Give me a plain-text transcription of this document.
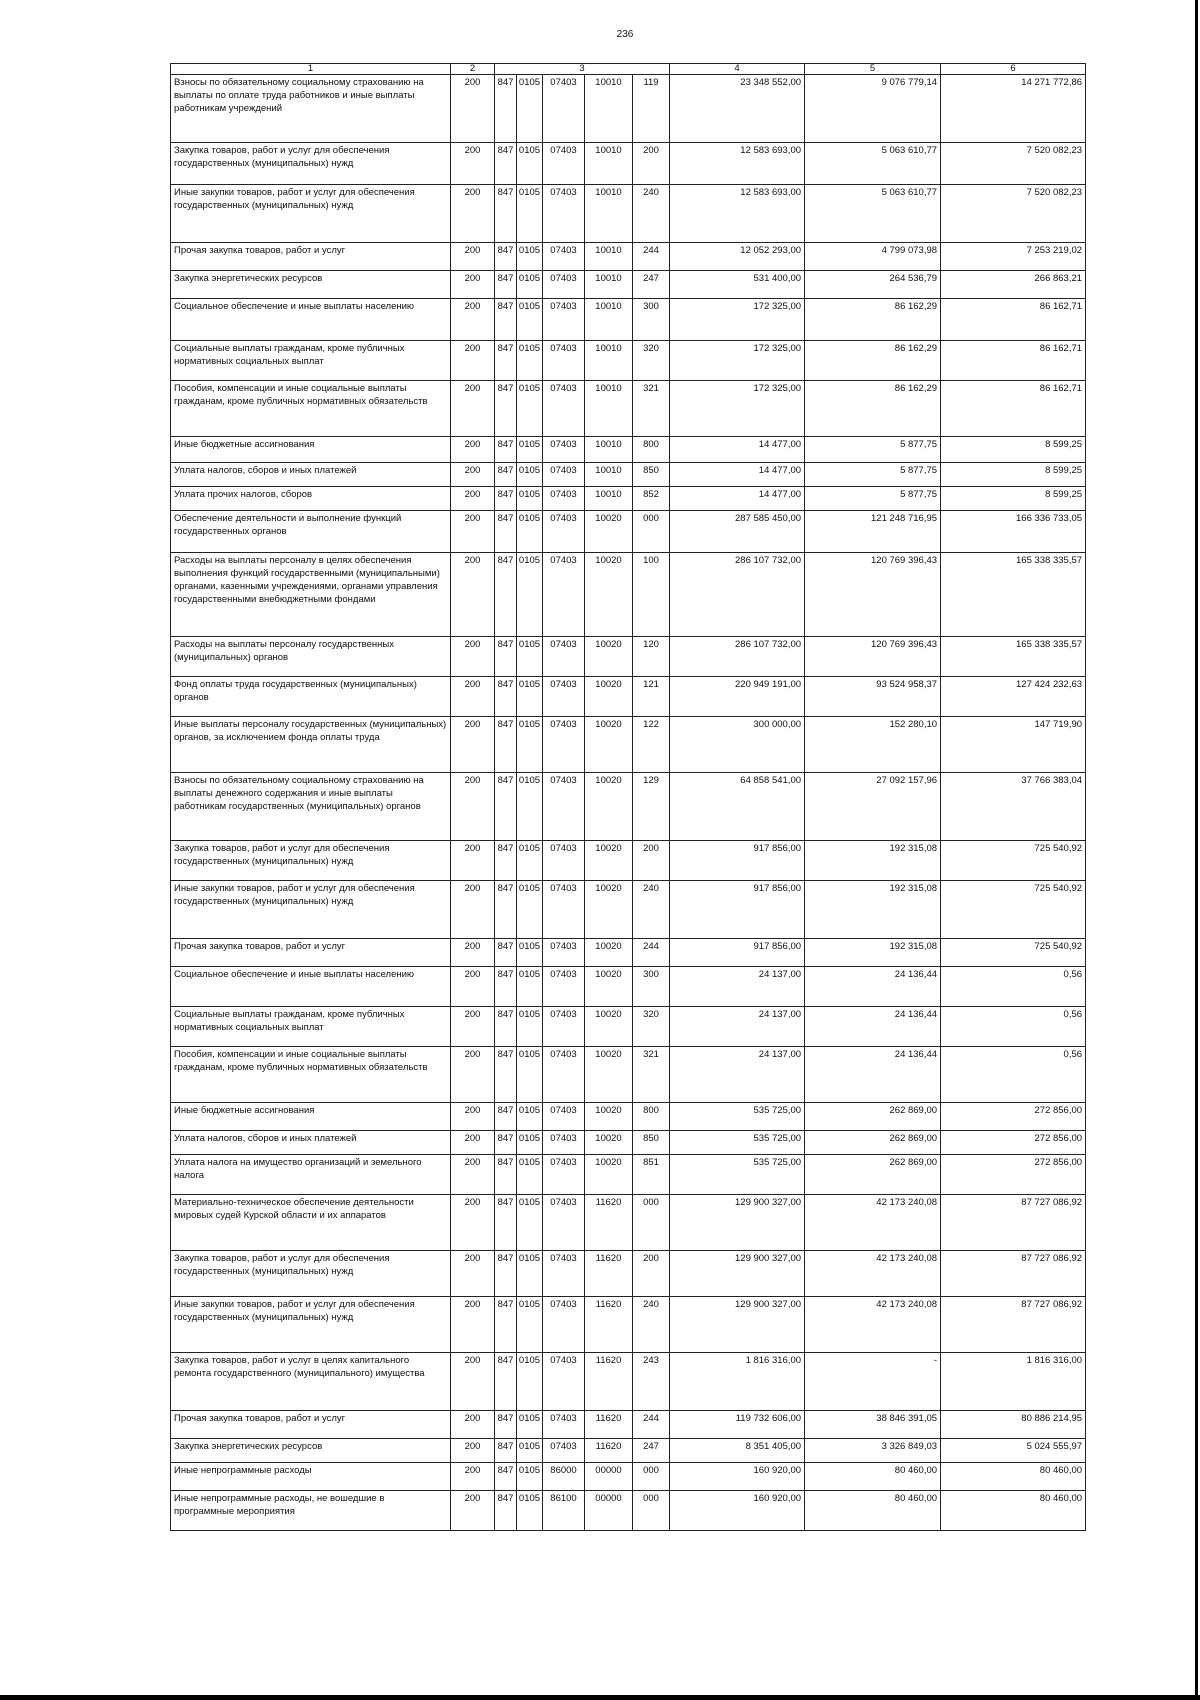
236
1	2	3					4	5	6
Взносы по обязательному социальному страхованию на выплаты по оплате труда работников и иные выплаты работникам учреждений	200	847	0105	07403	10010	119	23 348 552,00	9 076 779,14	14 271 772,86
Закупка товаров, работ и услуг для обеспечения государственных (муниципальных) нужд	200	847	0105	07403	10010	200	12 583 693,00	5 063 610,77	7 520 082,23
Иные закупки товаров, работ и услуг для обеспечения государственных (муниципальных) нужд	200	847	0105	07403	10010	240	12 583 693,00	5 063 610,77	7 520 082,23
Прочая закупка товаров, работ и услуг	200	847	0105	07403	10010	244	12 052 293,00	4 799 073,98	7 253 219,02
Закупка энергетических ресурсов	200	847	0105	07403	10010	247	531 400,00	264 536,79	266 863,21
Социальное обеспечение и иные выплаты населению	200	847	0105	07403	10010	300	172 325,00	86 162,29	86 162,71
Социальные выплаты гражданам, кроме публичных нормативных социальных выплат	200	847	0105	07403	10010	320	172 325,00	86 162,29	86 162,71
Пособия, компенсации и иные социальные выплаты гражданам, кроме публичных нормативных обязательств	200	847	0105	07403	10010	321	172 325,00	86 162,29	86 162,71
Иные бюджетные ассигнования	200	847	0105	07403	10010	800	14 477,00	5 877,75	8 599,25
Уплата налогов, сборов и иных платежей	200	847	0105	07403	10010	850	14 477,00	5 877,75	8 599,25
Уплата прочих налогов, сборов	200	847	0105	07403	10010	852	14 477,00	5 877,75	8 599,25
Обеспечение деятельности и выполнение функций государственных органов	200	847	0105	07403	10020	000	287 585 450,00	121 248 716,95	166 336 733,05
Расходы на выплаты персоналу в целях обеспечения выполнения функций государственными (муниципальными) органами, казенными учреждениями, органами управления государственными внебюджетными фондами	200	847	0105	07403	10020	100	286 107 732,00	120 769 396,43	165 338 335,57
Расходы на выплаты персоналу государственных (муниципальных) органов	200	847	0105	07403	10020	120	286 107 732,00	120 769 396,43	165 338 335,57
Фонд оплаты труда государственных (муниципальных) органов	200	847	0105	07403	10020	121	220 949 191,00	93 524 958,37	127 424 232,63
Иные выплаты персоналу государственных (муниципальных) органов, за исключением фонда оплаты труда	200	847	0105	07403	10020	122	300 000,00	152 280,10	147 719,90
Взносы по обязательному социальному страхованию на выплаты денежного содержания и иные выплаты работникам государственных (муниципальных) органов	200	847	0105	07403	10020	129	64 858 541,00	27 092 157,96	37 766 383,04
Закупка товаров, работ и услуг для обеспечения государственных (муниципальных) нужд	200	847	0105	07403	10020	200	917 856,00	192 315,08	725 540,92
Иные закупки товаров, работ и услуг для обеспечения государственных (муниципальных) нужд	200	847	0105	07403	10020	240	917 856,00	192 315,08	725 540,92
Прочая закупка товаров, работ и услуг	200	847	0105	07403	10020	244	917 856,00	192 315,08	725 540,92
Социальное обеспечение и иные выплаты населению	200	847	0105	07403	10020	300	24 137,00	24 136,44	0,56
Социальные выплаты гражданам, кроме публичных нормативных социальных выплат	200	847	0105	07403	10020	320	24 137,00	24 136,44	0,56
Пособия, компенсации и иные социальные выплаты гражданам, кроме публичных нормативных обязательств	200	847	0105	07403	10020	321	24 137,00	24 136,44	0,56
Иные бюджетные ассигнования	200	847	0105	07403	10020	800	535 725,00	262 869,00	272 856,00
Уплата налогов, сборов и иных платежей	200	847	0105	07403	10020	850	535 725,00	262 869,00	272 856,00
Уплата налога на имущество организаций и земельного налога	200	847	0105	07403	10020	851	535 725,00	262 869,00	272 856,00
Материально-техническое обеспечение деятельности мировых судей Курской области и их аппаратов	200	847	0105	07403	11620	000	129 900 327,00	42 173 240,08	87 727 086,92
Закупка товаров, работ и услуг для обеспечения государственных (муниципальных) нужд	200	847	0105	07403	11620	200	129 900 327,00	42 173 240,08	87 727 086,92
Иные закупки товаров, работ и услуг для обеспечения государственных (муниципальных) нужд	200	847	0105	07403	11620	240	129 900 327,00	42 173 240,08	87 727 086,92
Закупка товаров, работ и услуг в целях капитального ремонта государственного (муниципального) имущества	200	847	0105	07403	11620	243	1 816 316,00	-	1 816 316,00
Прочая закупка товаров, работ и услуг	200	847	0105	07403	11620	244	119 732 606,00	38 846 391,05	80 886 214,95
Закупка энергетических ресурсов	200	847	0105	07403	11620	247	8 351 405,00	3 326 849,03	5 024 555,97
Иные непрограммные расходы	200	847	0105	86000	00000	000	160 920,00	80 460,00	80 460,00
Иные непрограммные расходы, не вошедшие в программные мероприятия	200	847	0105	86100	00000	000	160 920,00	80 460,00	80 460,00
